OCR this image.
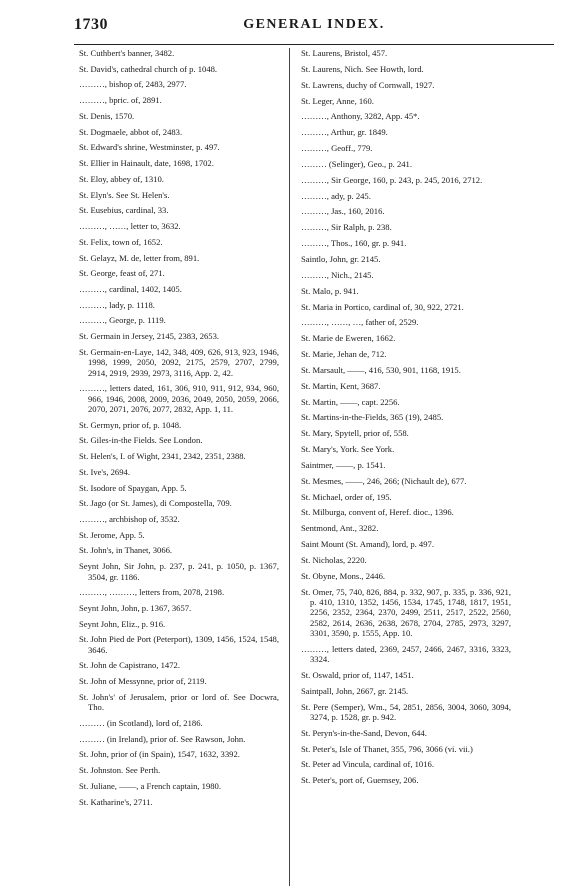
1730	GENERAL INDEX.
St. Cuthbert's banner, 3482.
St. David's, cathedral church of p. 1048.
………, bishop of, 2483, 2977.
………, bpric. of, 2891.
St. Denis, 1570.
St. Dogmaele, abbot of, 2483.
St. Edward's shrine, Westminster, p. 497.
St. Ellier in Hainault, date, 1698, 1702.
St. Eloy, abbey of, 1310.
St. Elyn's. See St. Helen's.
St. Eusebius, cardinal, 33.
………, ……, letter to, 3632.
St. Felix, town of, 1652.
St. Gelayz, M. de, letter from, 891.
St. George, feast of, 271.
………, cardinal, 1402, 1405.
………, lady, p. 1118.
………, George, p. 1119.
St. Germain in Jersey, 2145, 2383, 2653.
St. Germain-en-Laye, 142, 348, 409, 626, 913, 923, 1946, 1998, 1999, 2050, 2092, 2175, 2579, 2707, 2799, 2914, 2919, 2939, 2973, 3116, App. 2, 42.
………, letters dated, 161, 306, 910, 911, 912, 934, 960, 966, 1946, 2008, 2009, 2036, 2049, 2050, 2059, 2066, 2070, 2071, 2076, 2077, 2832, App. 1, 11.
St. Germyn, prior of, p. 1048.
St. Giles-in-the Fields. See London.
St. Helen's, I. of Wight, 2341, 2342, 2351, 2388.
St. Ive's, 2694.
St. Isodore of Spaygan, App. 5.
St. Jago (or St. James), di Compostella, 709.
………, archbishop of, 3532.
St. Jerome, App. 5.
St. John's, in Thanet, 3066.
Seynt John, Sir John, p. 237, p. 241, p. 1050, p. 1367, 3504, gr. 1186.
………, ………, letters from, 2078, 2198.
Seynt John, John, p. 1367, 3657.
Seynt John, Eliz., p. 916.
St. John Pied de Port (Peterport), 1309, 1456, 1524, 1548, 3646.
St. John de Capistrano, 1472.
St. John of Messynne, prior of, 2119.
St. John's' of Jerusalem, prior or lord of. See Docwra, Tho.
……… (in Scotland), lord of, 2186.
……… (in Ireland), prior of. See Rawson, John.
St. John, prior of (in Spain), 1547, 1632, 3392.
St. Johnston. See Perth.
St. Juliane, ——, a French captain, 1980.
St. Katharine's, 2711.
St. Laurens, Bristol, 457.
St. Laurens, Nich. See Howth, lord.
St. Lawrens, duchy of Cornwall, 1927.
St. Leger, Anne, 160.
………, Anthony, 3282, App. 45*.
………, Arthur, gr. 1849.
………, Geoff., 779.
……… (Selinger), Geo., p. 241.
………, Sir George, 160, p. 243, p. 245, 2016, 2712.
………, ady, p. 245.
………, Jas., 160, 2016.
………, Sir Ralph, p. 238.
………, Thos., 160, gr. p. 941.
Saintlo, John, gr. 2145.
………, Nich., 2145.
St. Malo, p. 941.
St. Maria in Portico, cardinal of, 30, 922, 2721.
………, ……, …, father of, 2529.
St. Marie de Eweren, 1662.
St. Marie, Jehan de, 712.
St. Marsault, ——, 416, 530, 901, 1168, 1915.
St. Martin, Kent, 3687.
St. Martin, ——, capt. 2256.
St. Martins-in-the-Fields, 365 (19), 2485.
St. Mary, Spytell, prior of, 558.
St. Mary's, York. See York.
Saintmer, ——, p. 1541.
St. Mesmes, ——, 246, 266; (Nichault de), 677.
St. Michael, order of, 195.
St. Milburga, convent of, Heref. dioc., 1396.
Sentmond, Ant., 3282.
Saint Mount (St. Amand), lord, p. 497.
St. Nicholas, 2220.
St. Obyne, Mons., 2446.
St. Omer, 75, 740, 826, 884, p. 332, 907, p. 335, p. 336, 921, p. 410, 1310, 1352, 1456, 1534, 1745, 1748, 1817, 1951, 2256, 2352, 2364, 2370, 2499, 2511, 2517, 2522, 2560, 2582, 2614, 2636, 2638, 2678, 2704, 2785, 2973, 3297, 3301, 3590, p. 1555, App. 10.
………, letters dated, 2369, 2457, 2466, 2467, 3316, 3323, 3324.
St. Oswald, prior of, 1147, 1451.
Saintpall, John, 2667, gr. 2145.
St. Pere (Semper), Wm., 54, 2851, 2856, 3004, 3060, 3094, 3274, p. 1528, gr. p. 942.
St. Peryn's-in-the-Sand, Devon, 644.
St. Peter's, Isle of Thanet, 355, 796, 3066 (vi. vii.)
St. Peter ad Vincula, cardinal of, 1016.
St. Peter's, port of, Guernsey, 206.
